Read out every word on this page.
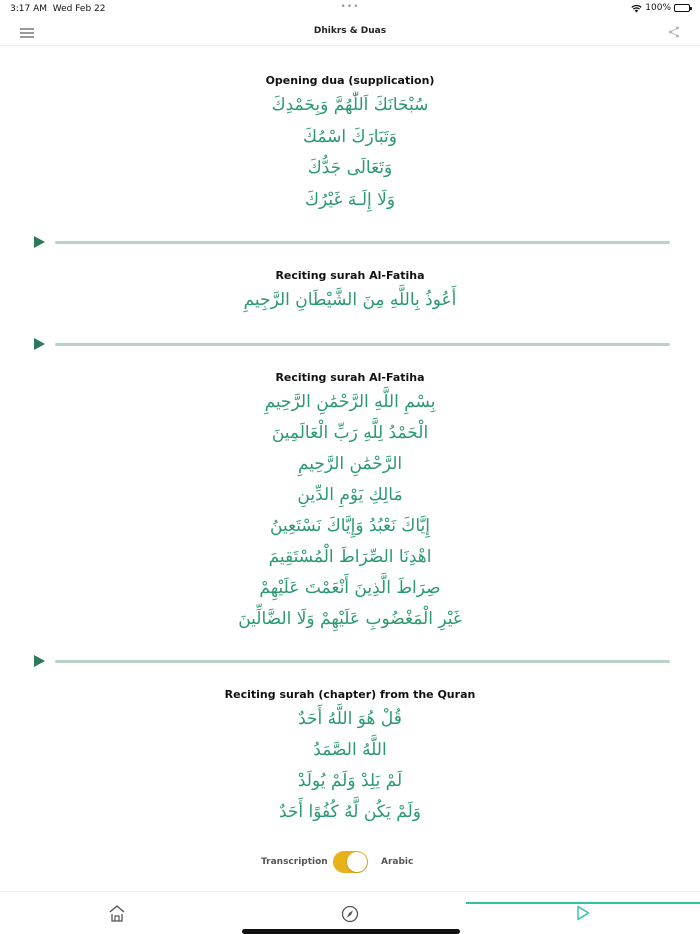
3:17 AM Wed Feb 22	•••	100%
Dhikrs & Duas
Opening dua (supplication)
سُبْحَانَكَ اَللّٰهُمَّ وَبِحَمْدِكَ
وَتَبَارَكَ اسْمُكَ
وَتَعَالَى جَدُّكَ
وَلَا إِلَـهَ غَيْرُكَ
Reciting surah Al-Fatiha
أَعُوذُ بِاللَّهِ مِنَ الشَّيْطَانِ الرَّجِيمِ
Reciting surah Al-Fatiha
بِسْمِ اللَّهِ الرَّحْمَٰنِ الرَّحِيمِ
الْحَمْدُ لِلَّهِ رَبِّ الْعَالَمِينَ
الرَّحْمَٰنِ الرَّحِيمِ
مَالِكِ يَوْمِ الدِّينِ
إِيَّاكَ نَعْبُدُ وَإِيَّاكَ نَسْتَعِينُ
اهْدِنَا الصِّرَاطَ الْمُسْتَقِيمَ
صِرَاطَ الَّذِينَ أَنْعَمْتَ عَلَيْهِمْ
غَيْرِ الْمَغْضُوبِ عَلَيْهِمْ وَلَا الضَّالِّينَ
Reciting surah (chapter) from the Quran
قُلْ هُوَ اللَّهُ أَحَدٌ
اللَّهُ الصَّمَدُ
لَمْ يَلِدْ وَلَمْ يُولَدْ
وَلَمْ يَكُن لَّهُ كُفُوًا أَحَدٌ
Transcription	Arabic
